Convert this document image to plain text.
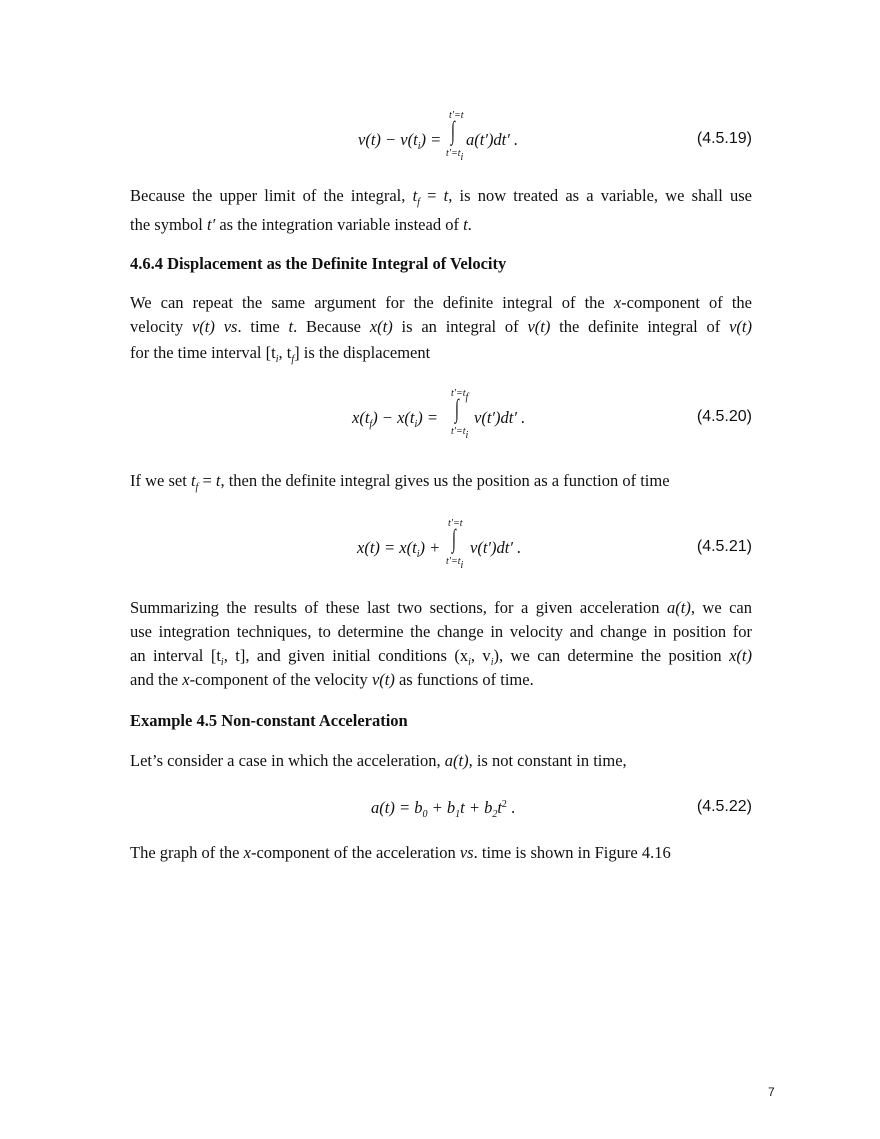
$v(t) - v(t_i)$ =
t′=t
∫
$t'=t_i$
a(t′)dt′ .	(4.5.19)
Because the upper limit of the integral, $t_f = t$, is now treated as a variable, we shall use
the symbol t′ as the integration variable instead of t.
4.6.4 Displacement as the Definite Integral of Velocity
We can repeat the same argument for the definite integral of the x-component of the
velocity v(t) vs. time t. Because x(t) is an integral of v(t) the definite integral of v(t)
for the time interval [$t_i$, $t_f$] is the displacement
$x(t_f) - x(t_i)$ =
$t'=t_f$
∫
$t'=t_i$
v(t′)dt′ .	(4.5.20)
If we set $t_f = t$, then the definite integral gives us the position as a function of time
$x(t) = x(t_i)$ +
t′=t
∫
$t'=t_i$
v(t′)dt′ .	(4.5.21)
Summarizing the results of these last two sections, for a given acceleration a(t), we can
use integration techniques, to determine the change in velocity and change in position for
an interval [$t_i$, t], and given initial conditions ($x_i$, $v_i$), we can determine the position x(t)
and the x-component of the velocity v(t) as functions of time.
Example 4.5 Non-constant Acceleration
Let’s consider a case in which the acceleration, a(t), is not constant in time,
$a(t) = b_0 + b_1t + b_2t^2$ .	(4.5.22)
The graph of the x-component of the acceleration vs. time is shown in Figure 4.16
7
